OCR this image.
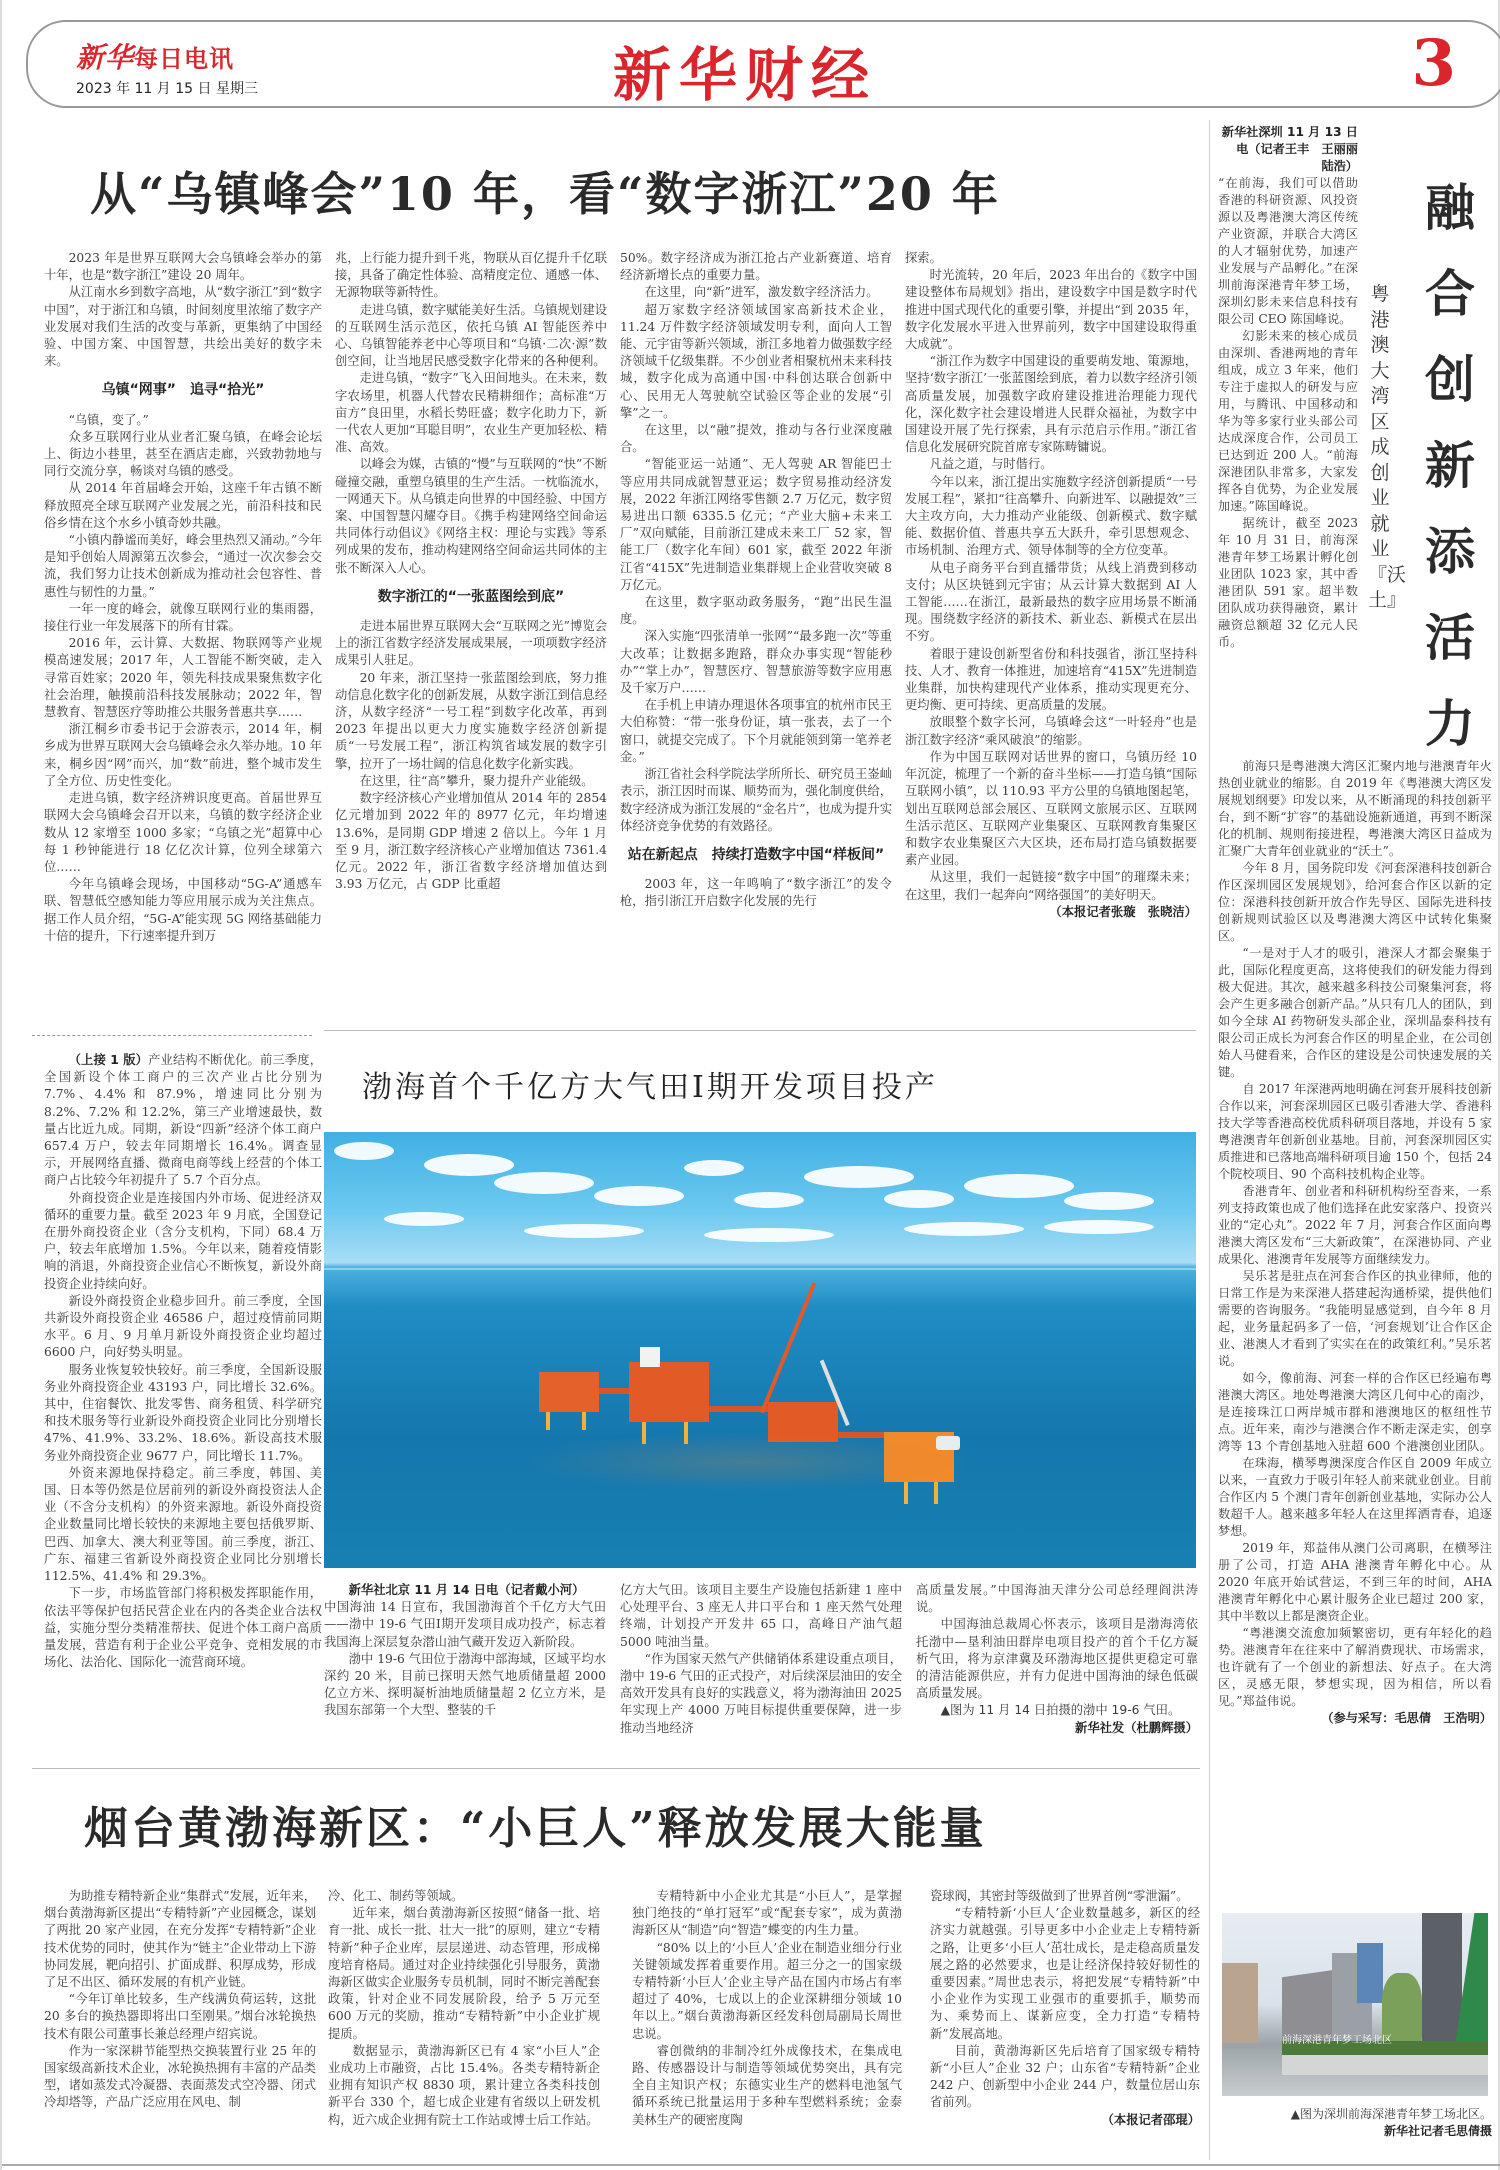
新华每日电讯
2023 年 11 月 15 日 星期三	新华财经	3
从“乌镇峰会”10 年，看“数字浙江”20 年

2023 年是世界互联网大会乌镇峰会举办的第十年，也是“数字浙江”建设 20 周年。

从江南水乡到数字高地，从“数字浙江”到“数字中国”，对于浙江和乌镇，时间刻度里浓缩了数字产业发展对我们生活的改变与革新，更集纳了中国经验、中国方案、中国智慧，共绘出美好的数字未来。

乌镇“网事”　追寻“拾光”

“乌镇，变了。”

众多互联网行业从业者汇聚乌镇，在峰会论坛上、街边小巷里，甚至在酒店走廊，兴致勃勃地与同行交流分享，畅谈对乌镇的感受。

从 2014 年首届峰会开始，这座千年古镇不断释放照亮全球互联网产业发展之光，前沿科技和民俗乡情在这个水乡小镇奇妙共融。

“小镇内静谧而美好，峰会里热烈又涌动。”今年是知乎创始人周源第五次参会，“通过一次次参会交流，我们努力让技术创新成为推动社会包容性、普惠性与韧性的力量。”

一年一度的峰会，就像互联网行业的集雨器，接住行业一年发展落下的所有甘霖。

2016 年，云计算、大数据、物联网等产业规模高速发展；2017 年，人工智能不断突破，走入寻常百姓家；2020 年，领先科技成果聚焦数字化社会治理，触摸前沿科技发展脉动；2022 年，智慧教育、智慧医疗等助推公共服务普惠共享……

浙江桐乡市委书记于会游表示，2014 年，桐乡成为世界互联网大会乌镇峰会永久举办地。10 年来，桐乡因“网”而兴，加“数”前进，整个城市发生了全方位、历史性变化。

走进乌镇，数字经济辨识度更高。首届世界互联网大会乌镇峰会召开以来，乌镇的数字经济企业数从 12 家增至 1000 多家；“乌镇之光”超算中心每 1 秒钟能进行 18 亿亿次计算，位列全球第六位……

今年乌镇峰会现场，中国移动“5G-A”通感车联、智慧低空感知能力等应用展示成为关注焦点。据工作人员介绍，“5G-A”能实现 5G 网络基础能力十倍的提升，下行速率提升到万

兆，上行能力提升到千兆，物联从百亿提升千亿联接，具备了确定性体验、高精度定位、通感一体、无源物联等新特性。

走进乌镇，数字赋能美好生活。乌镇规划建设的互联网生活示范区，依托乌镇 AI 智能医养中心、乌镇智能养老中心等项目和“乌镇·二次·源”数创空间，让当地居民感受数字化带来的各种便利。

走进乌镇，“数字”飞入田间地头。在未来，数字农场里，机器人代替农民精耕细作；高标准“万亩方”良田里，水稻长势旺盛；数字化助力下，新一代农人更加“耳聪目明”，农业生产更加轻松、精准、高效。

以峰会为媒，古镇的“慢”与互联网的“快”不断碰撞交融，重塑乌镇里的生产生活。一枕临流水，一网通天下。从乌镇走向世界的中国经验、中国方案、中国智慧闪耀夺目。《携手构建网络空间命运共同体行动倡议》《网络主权：理论与实践》等系列成果的发布，推动构建网络空间命运共同体的主张不断深入人心。

数字浙江的“一张蓝图绘到底”

走进本届世界互联网大会“互联网之光”博览会上的浙江省数字经济发展成果展，一项项数字经济成果引人驻足。

20 年来，浙江坚持一张蓝图绘到底，努力推动信息化数字化的创新发展，从数字浙江到信息经济，从数字经济“一号工程”到数字化改革，再到 2023 年提出以更大力度实施数字经济创新提质“一号发展工程”，浙江构筑省域发展的数字引擎，拉开了一场壮阔的信息化数字化新实践。

在这里，往“高”攀升，聚力提升产业能级。

数字经济核心产业增加值从 2014 年的 2854 亿元增加到 2022 年的 8977 亿元，年均增速 13.6%，是同期 GDP 增速 2 倍以上。今年 1 月至 9 月，浙江数字经济核心产业增加值达 7361.4 亿元。2022 年，浙江省数字经济增加值达到 3.93 万亿元，占 GDP 比重超

50%。数字经济成为浙江抢占产业新赛道、培育经济新增长点的重要力量。

在这里，向“新”进军，激发数字经济活力。

超万家数字经济领域国家高新技术企业，11.24 万件数字经济领域发明专利，面向人工智能、元宇宙等新兴领域，浙江多地着力做强数字经济领域千亿级集群。不少创业者相聚杭州未来科技城，数字化成为高通中国·中科创达联合创新中心、民用无人驾驶航空试验区等企业的发展“引擎”之一。

在这里，以“融”提效，推动与各行业深度融合。

“智能亚运一站通”、无人驾驶 AR 智能巴士等应用共同成就智慧亚运；数字贸易推动经济发展，2022 年浙江网络零售额 2.7 万亿元，数字贸易进出口额 6335.5 亿元；“产业大脑+未来工厂”双向赋能，目前浙江建成未来工厂 52 家，智能工厂（数字化车间）601 家，截至 2022 年浙江省“415X”先进制造业集群规上企业营收突破 8 万亿元。

在这里，数字驱动政务服务，“跑”出民生温度。

深入实施“四张清单一张网”“最多跑一次”等重大改革；让数据多跑路，群众办事实现“智能秒办”“掌上办”，智慧医疗、智慧旅游等数字应用惠及千家万户……

在手机上申请办理退休各项事宜的杭州市民王大伯称赞：“带一张身份证，填一张表，去了一个窗口，就提交完成了。下个月就能领到第一笔养老金。”

浙江省社会科学院法学所所长、研究员王崟屾表示，浙江因时而谋、顺势而为，强化制度供给，数字经济成为浙江发展的“金名片”，也成为提升实体经济竞争优势的有效路径。

站在新起点　持续打造数字中国“样板间”

2003 年，这一年鸣响了“数字浙江”的发令枪，指引浙江开启数字化发展的先行

探索。

时光流转，20 年后，2023 年出台的《数字中国建设整体布局规划》指出，建设数字中国是数字时代推进中国式现代化的重要引擎，并提出“到 2035 年，数字化发展水平进入世界前列，数字中国建设取得重大成就”。

“浙江作为数字中国建设的重要萌发地、策源地，坚持‘数字浙江’一张蓝图绘到底，着力以数字经济引领高质量发展，加强数字政府建设推进治理能力现代化，深化数字社会建设增进人民群众福祉，为数字中国建设开展了先行探索，具有示范启示作用。”浙江省信息化发展研究院首席专家陈畴镛说。

凡益之道，与时偕行。

今年以来，浙江提出实施数字经济创新提质“一号发展工程”，紧扣“往高攀升、向新进军、以融提效”三大主攻方向，大力推动产业能级、创新模式、数字赋能、数据价值、普惠共享五大跃升，牵引思想观念、市场机制、治理方式、领导体制等的全方位变革。

从电子商务平台到直播带货；从线上消费到移动支付；从区块链到元宇宙；从云计算大数据到 AI 人工智能……在浙江，最新最热的数字应用场景不断涌现。围绕数字经济的新技术、新业态、新模式在层出不穷。

着眼于建设创新型省份和科技强省，浙江坚持科技、人才、教育一体推进，加速培育“415X”先进制造业集群，加快构建现代产业体系，推动实现更充分、更均衡、更可持续、更高质量的发展。

放眼整个数字长河，乌镇峰会这“一叶轻舟”也是浙江数字经济“乘风破浪”的缩影。

作为中国互联网对话世界的窗口，乌镇历经 10 年沉淀，梳理了一个新的奋斗坐标——打造乌镇“国际互联网小镇”，以 110.93 平方公里的乌镇地图起笔，划出互联网总部会展区、互联网文旅展示区、互联网生活示范区、互联网产业集聚区、互联网教育集聚区和数字农业集聚区六大区块，还布局打造乌镇数据要素产业园。

从这里，我们一起链接“数字中国”的璀璨未来；在这里，我们一起奔向“网络强国”的美好明天。

（本报记者张璇　张晓洁）

（上接 1 版）产业结构不断优化。前三季度，全国新设个体工商户的三次产业占比分别为 7.7%、4.4% 和 87.9%，增速同比分别为 8.2%、7.2% 和 12.2%，第三产业增速最快，数量占比近九成。同期，新设“四新”经济个体工商户 657.4 万户，较去年同期增长 16.4%。调查显示，开展网络直播、微商电商等线上经营的个体工商户占比较今年初提升了 5.7 个百分点。

外商投资企业是连接国内外市场、促进经济双循环的重要力量。截至 2023 年 9 月底，全国登记在册外商投资企业（含分支机构，下同）68.4 万户，较去年底增加 1.5%。今年以来，随着疫情影响的消退，外商投资企业信心不断恢复，新设外商投资企业持续向好。

新设外商投资企业稳步回升。前三季度，全国共新设外商投资企业 46586 户，超过疫情前同期水平。6 月、9 月单月新设外商投资企业均超过 6600 户，向好势头明显。

服务业恢复较快较好。前三季度，全国新设服务业外商投资企业 43193 户，同比增长 32.6%。其中，住宿餐饮、批发零售、商务租赁、科学研究和技术服务等行业新设外商投资企业同比分别增长 47%、41.9%、33.2%、18.6%。新设高技术服务业外商投资企业 9677 户，同比增长 11.7%。

外资来源地保持稳定。前三季度，韩国、美国、日本等仍然是位居前列的新设外商投资法人企业（不含分支机构）的外资来源地。新设外商投资企业数量同比增长较快的来源地主要包括俄罗斯、巴西、加拿大、澳大利亚等国。前三季度，浙江、广东、福建三省新设外商投资企业同比分别增长 112.5%、41.4% 和 29.3%。

下一步，市场监管部门将积极发挥职能作用，依法平等保护包括民营企业在内的各类企业合法权益，实施分型分类精准帮扶、促进个体工商户高质量发展，营造有利于企业公平竞争、竞相发展的市场化、法治化、国际化一流营商环境。

渤海首个千亿方大气田Ⅰ期开发项目投产

新华社北京 11 月 14 日电（记者戴小河）

中国海油 14 日宣布，我国渤海首个千亿方大气田——渤中 19-6 气田Ⅰ期开发项目成功投产，标志着我国海上深层复杂潜山油气藏开发迈入新阶段。

渤中 19-6 气田位于渤海中部海域，区域平均水深约 20 米，目前已探明天然气地质储量超 2000 亿立方米、探明凝析油地质储量超 2 亿立方米，是我国东部第一个大型、整装的千

亿方大气田。该项目主要生产设施包括新建 1 座中心处理平台、3 座无人井口平台和 1 座天然气处理终端，计划投产开发井 65 口，高峰日产油气超 5000 吨油当量。

“作为国家天然气产供储销体系建设重点项目，渤中 19-6 气田的正式投产，对后续深层油田的安全高效开发具有良好的实践意义，将为渤海油田 2025 年实现上产 4000 万吨目标提供重要保障，进一步推动当地经济

高质量发展。”中国海油天津分公司总经理阎洪涛说。

中国海油总裁周心怀表示，该项目是渤海湾依托渤中—垦利油田群岸电项目投产的首个千亿方凝析气田，将为京津冀及环渤海地区提供更稳定可靠的清洁能源供应，并有力促进中国海油的绿色低碳高质量发展。

▲图为 11 月 14 日拍摄的渤中 19-6 气田。

新华社发（杜鹏辉摄）

烟台黄渤海新区：“小巨人”释放发展大能量

为助推专精特新企业“集群式”发展，近年来，烟台黄渤海新区提出“专精特新”产业园概念，谋划了两批 20 家产业园，在充分发挥“专精特新”企业技术优势的同时，使其作为“链主”企业带动上下游协同发展，靶向招引、扩面成群、积厚成势，形成了足不出区、循环发展的有机产业链。

“今年订单比较多，生产线满负荷运转，这批 20 多台的换热器即将出口至刚果。”烟台冰轮换热技术有限公司董事长兼总经理卢绍宾说。

作为一家深耕节能型热交换装置行业 25 年的国家级高新技术企业，冰轮换热拥有丰富的产品类型，诸如蒸发式冷凝器、表面蒸发式空冷器、闭式冷却塔等，产品广泛应用在风电、制

冷、化工、制药等领域。

近年来，烟台黄渤海新区按照“储备一批、培育一批、成长一批、壮大一批”的原则，建立“专精特新”种子企业库，层层递进、动态管理，形成梯度培育格局。通过对企业持续强化引导服务，黄渤海新区做实企业服务专员机制，同时不断完善配套政策，针对企业不同发展阶段，给予 5 万元至 600 万元的奖励，推动“专精特新”中小企业扩规提质。

数据显示，黄渤海新区已有 4 家“小巨人”企业成功上市融资，占比 15.4%。各类专精特新企业拥有知识产权 8830 项，累计建立各类科技创新平台 330 个，超七成企业建有省级以上研发机构，近六成企业拥有院士工作站或博士后工作站。

专精特新中小企业尤其是“小巨人”，是掌握独门绝技的“单打冠军”或“配套专家”，成为黄渤海新区从“制造”向“智造”蝶变的内生力量。

“80% 以上的‘小巨人’企业在制造业细分行业关键领域发挥着重要作用。超三分之一的国家级专精特新‘小巨人’企业主导产品在国内市场占有率超过了 40%，七成以上的企业深耕细分领域 10 年以上。”烟台黄渤海新区经发科创局副局长周世忠说。

睿创微纳的非制冷红外成像技术，在集成电路、传感器设计与制造等领域优势突出，具有完全自主知识产权；东德实业生产的燃料电池氢气循环系统已批量运用于多种车型燃料系统；金泰美林生产的硬密度陶

瓷球阀，其密封等级做到了世界首例“零泄漏”。

“专精特新‘小巨人’企业数量越多，新区的经济实力就越强。引导更多中小企业走上专精特新之路，让更多‘小巨人’茁壮成长，是走稳高质量发展之路的必然要求，也是让经济保持较好韧性的重要因素。”周世忠表示，将把发展“专精特新”中小企业作为实现工业强市的重要抓手，顺势而为、乘势而上、谋新应变，全力打造“专精特新”发展高地。

目前，黄渤海新区先后培育了国家级专精特新“小巨人”企业 32 户；山东省“专精特新”企业 242 户、创新型中小企业 244 户，数量位居山东省前列。

（本报记者邵琨）

新华社深圳 11 月 13 日电（记者王丰　王丽丽　陆浩）

“在前海，我们可以借助香港的科研资源、风投资源以及粤港澳大湾区传统产业资源，并联合大湾区的人才辐射优势，加速产业发展与产品孵化。”在深圳前海深港青年梦工场，深圳幻影未来信息科技有限公司 CEO 陈国峰说。

幻影未来的核心成员由深圳、香港两地的青年组成，成立 3 年来，他们专注于虚拟人的研发与应用，与腾讯、中国移动和华为等多家行业头部公司达成深度合作，公司员工已达到近 200 人。“前海深港团队非常多，大家发挥各自优势，为企业发展加速。”陈国峰说。

据统计，截至 2023 年 10 月 31 日，前海深港青年梦工场累计孵化创业团队 1023 家，其中香港团队 591 家。超半数团队成功获得融资，累计融资总额超 32 亿元人民币。

粤港澳大湾区成创业就业『沃土』
融
合
创
新
添
活
力

前海只是粤港澳大湾区汇聚内地与港澳青年火热创业就业的缩影。自 2019 年《粤港澳大湾区发展规划纲要》印发以来，从不断涌现的科技创新平台，到不断“扩容”的基础设施新通道，再到不断深化的机制、规则衔接进程，粤港澳大湾区日益成为汇聚广大青年创业就业的“沃土”。

今年 8 月，国务院印发《河套深港科技创新合作区深圳园区发展规划》，给河套合作区以新的定位：深港科技创新开放合作先导区、国际先进科技创新规则试验区以及粤港澳大湾区中试转化集聚区。

“一是对于人才的吸引，港深人才都会聚集于此，国际化程度更高，这将使我们的研发能力得到极大促进。其次，越来越多科技公司聚集河套，将会产生更多融合创新产品。”从只有几人的团队，到如今全球 AI 药物研发头部企业，深圳晶泰科技有限公司正成长为河套合作区的明星企业，在公司创始人马健看来，合作区的建设是公司快速发展的关键。

自 2017 年深港两地明确在河套开展科技创新合作以来，河套深圳园区已吸引香港大学、香港科技大学等香港高校优质科研项目落地，并设有 5 家粤港澳青年创新创业基地。目前，河套深圳园区实质推进和已落地高端科研项目逾 150 个，包括 24 个院校项目、90 个高科技机构企业等。

香港青年、创业者和科研机构纷至沓来，一系列支持政策也成了他们选择在此安家落户、投资兴业的“定心丸”。2022 年 7 月，河套合作区面向粤港澳大湾区发布“三大新政策”，在深港协同、产业成果化、港澳青年发展等方面继续发力。

吴乐茗是驻点在河套合作区的执业律师，他的日常工作是为来深港人搭建起沟通桥梁，提供他们需要的咨询服务。“我能明显感觉到，自今年 8 月起，业务量起码多了一倍，‘河套规划’让合作区企业、港澳人才看到了实实在在的政策红利。”吴乐茗说。

如今，像前海、河套一样的合作区已经遍布粤港澳大湾区。地处粤港澳大湾区几何中心的南沙，是连接珠江口两岸城市群和港澳地区的枢纽性节点。近年来，南沙与港澳合作不断走深走实，创享湾等 13 个青创基地入驻超 600 个港澳创业团队。

在珠海，横琴粤澳深度合作区自 2009 年成立以来，一直致力于吸引年轻人前来就业创业。目前合作区内 5 个澳门青年创新创业基地，实际办公人数超千人。越来越多年轻人在这里挥洒青春，追逐梦想。

2019 年，郑益伟从澳门公司离职，在横琴注册了公司，打造 AHA 港澳青年孵化中心。从 2020 年底开始试营运，不到三年的时间，AHA 港澳青年孵化中心累计服务企业已超过 200 家，其中半数以上都是澳资企业。

“粤港澳交流愈加频繁密切，更有年轻化的趋势。港澳青年在往来中了解消费现状、市场需求，也许就有了一个创业的新想法、好点子。在大湾区，灵感无限，梦想实现，因为相信，所以看见。”郑益伟说。

（参与采写：毛思倩　王浩明）

前海深港青年梦工场北区

▲图为深圳前海深港青年梦工场北区。

新华社记者毛思倩摄
